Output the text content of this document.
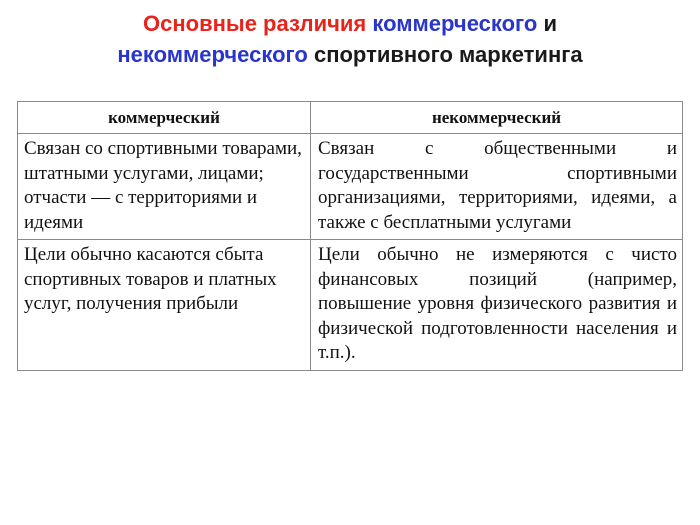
Основные различия коммерческого и
некоммерческого спортивного маркетинга
коммерческий	некоммерческий
Связан со спортивными товарами, штатными услугами, лицами; отчасти — с территориями и идеями	Связан с общественными и государственными спортивными организациями, территориями, идеями, а также с бесплатными услугами
Цели обычно касаются сбыта спортивных товаров и платных услуг, получения прибыли	Цели обычно не измеряются с чисто финансовых позиций (например, повышение уровня физического развития и физической подготовленности населения и т.п.).
